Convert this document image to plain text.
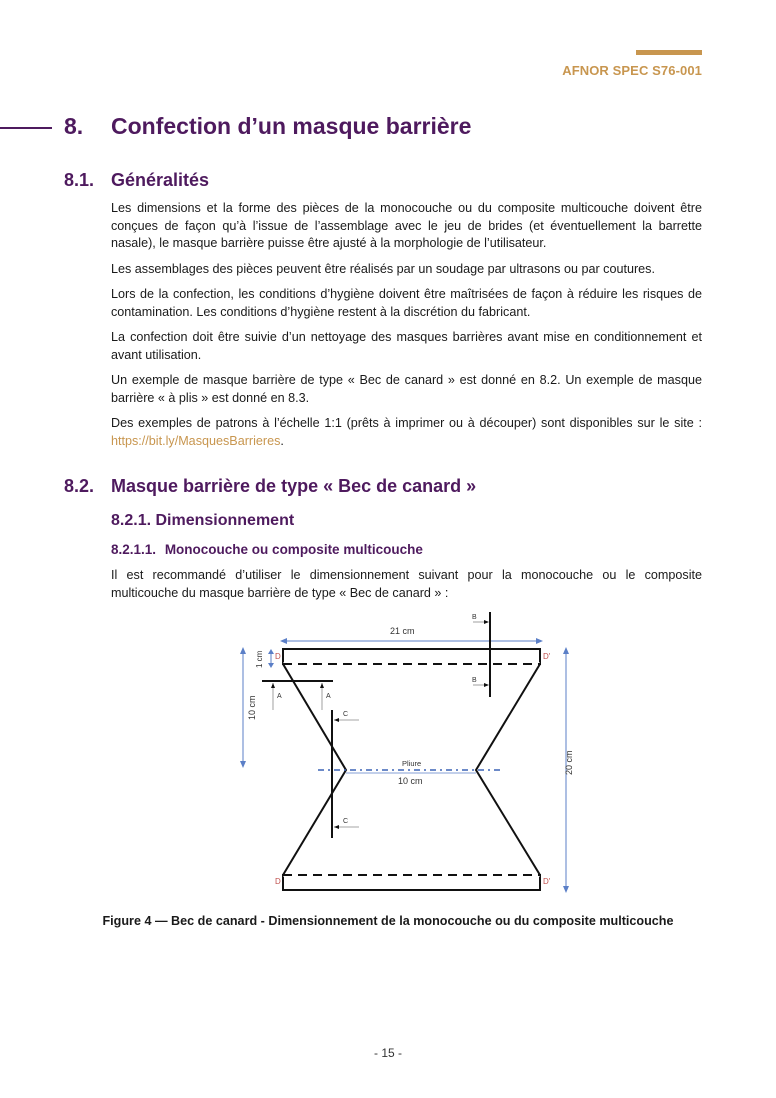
AFNOR SPEC S76-001
8. Confection d’un masque barrière
8.1. Généralités

Les dimensions et la forme des pièces de la monocouche ou du composite multicouche doivent être conçues de façon qu’à l’issue de l’assemblage avec le jeu de brides (et éventuellement la barrette nasale), le masque barrière puisse être ajusté à la morphologie de l’utilisateur.

Les assemblages des pièces peuvent être réalisés par un soudage par ultrasons ou par coutures.

Lors de la confection, les conditions d’hygiène doivent être maîtrisées de façon à réduire les risques de contamination. Les conditions d’hygiène restent à la discrétion du fabricant.

La confection doit être suivie d’un nettoyage des masques barrières avant mise en conditionnement et avant utilisation.

Un exemple de masque barrière de type « Bec de canard » est donné en 8.2. Un exemple de masque barrière « à plis » est donné en 8.3.

Des exemples de patrons à l’échelle 1:1 (prêts à imprimer ou à découper) sont disponibles sur le site : https://bit.ly/MasquesBarrieres.

8.2. Masque barrière de type « Bec de canard »
8.2.1. Dimensionnement
8.2.1.1. Monocouche ou composite multicouche

Il est recommandé d’utiliser le dimensionnement suivant pour la monocouche ou le composite multicouche du masque barrière de type « Bec de canard » :

21 cm
20 cm
10 cm
1 cm D	D'
D	D'
Pliure
10 cm
A	A
B
B
C
C
Figure 4 — Bec de canard - Dimensionnement de la monocouche ou du composite multicouche
- 15 -
